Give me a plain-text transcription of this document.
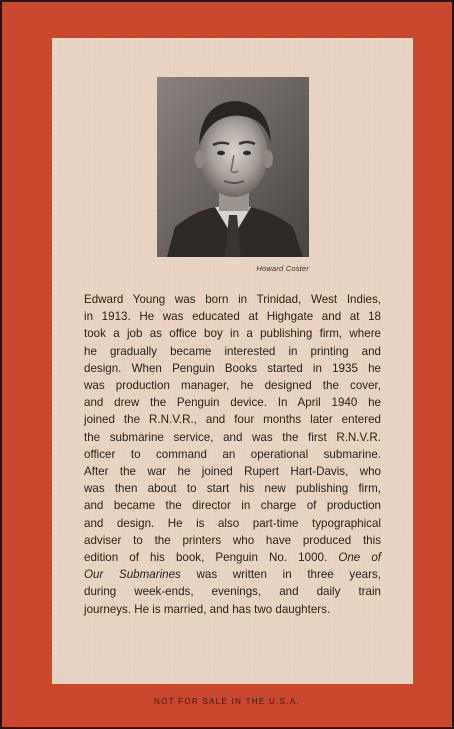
Howard Coster

Edward Young was born in Trinidad, West Indies,
in 1913. He was educated at Highgate and at 18
took a job as office boy in a publishing firm, where
he gradually became interested in printing and
design. When Penguin Books started in 1935 he
was production manager, he designed the cover,
and drew the Penguin device. In April 1940 he
joined the R.N.V.R., and four months later entered
the submarine service, and was the first R.N.V.R.
officer to command an operational submarine.
After the war he joined Rupert Hart-Davis, who
was then about to start his new publishing firm,
and became the director in charge of production
and design. He is also part-time typographical
adviser to the printers who have produced this
edition of his book, Penguin No. 1000. One of
Our Submarines was written in three years,
during week-ends, evenings, and daily train
journeys. He is married, and has two daughters.

NOT FOR SALE IN THE U.S.A.
